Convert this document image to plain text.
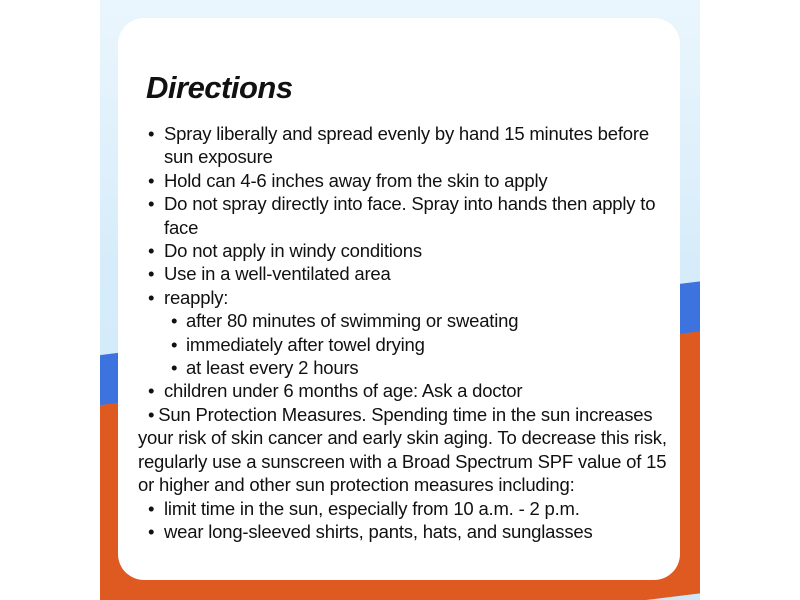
Directions
• Spray liberally and spread evenly by hand 15 minutes before sun exposure
• Hold can 4-6 inches away from the skin to apply
• Do not spray directly into face. Spray into hands then apply to face
• Do not apply in windy conditions
• Use in a well-ventilated area
• reapply:
• after 80 minutes of swimming or sweating
• immediately after towel drying
• at least every 2 hours
• children under 6 months of age: Ask a doctor
• Sun Protection Measures. Spending time in the sun increases your risk of skin cancer and early skin aging. To decrease this risk, regularly use a sunscreen with a Broad Spectrum SPF value of 15 or higher and other sun protection measures including:
• limit time in the sun, especially from 10 a.m. - 2 p.m.
• wear long-sleeved shirts, pants, hats, and sunglasses
